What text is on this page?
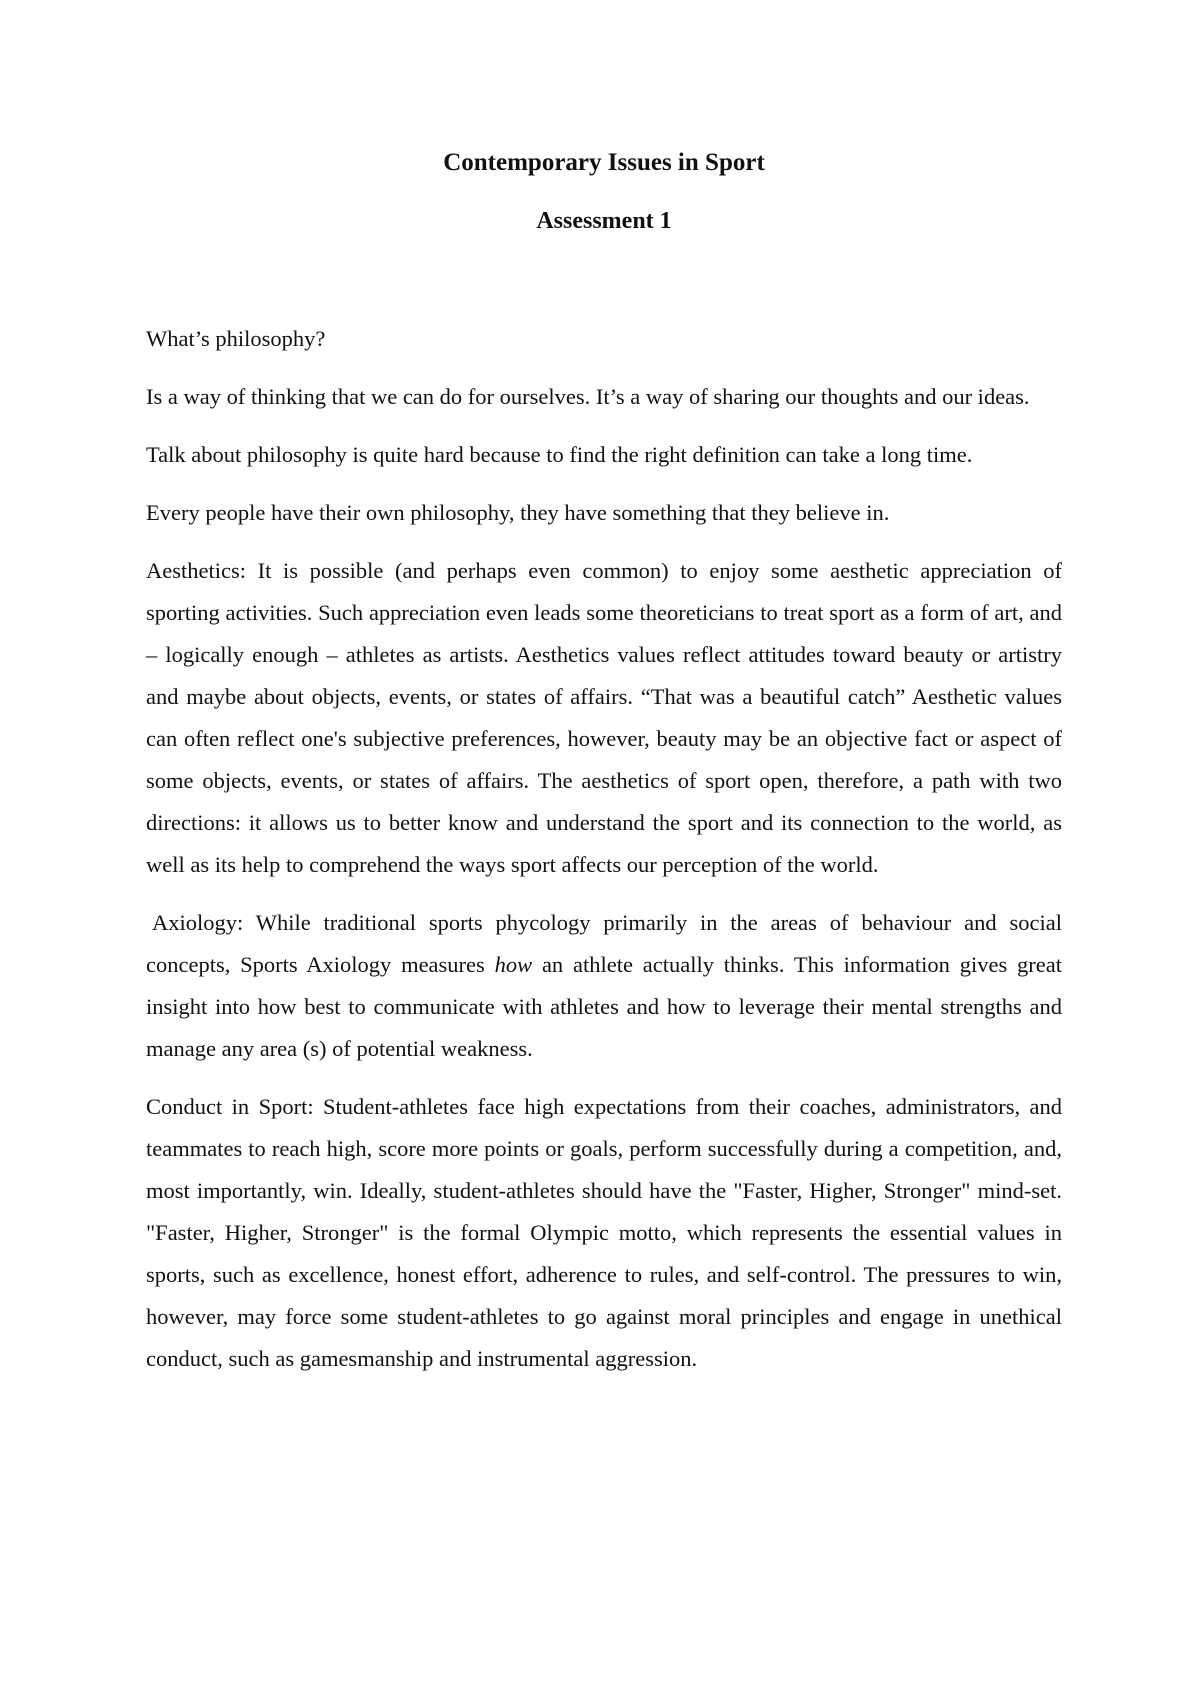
Contemporary Issues in Sport
Assessment 1

What’s philosophy?

Is a way of thinking that we can do for ourselves. It’s a way of sharing our thoughts and our ideas.

Talk about philosophy is quite hard because to find the right definition can take a long time.

Every people have their own philosophy, they have something that they believe in.

Aesthetics: It is possible (and perhaps even common) to enjoy some aesthetic appreciation of sporting activities. Such appreciation even leads some theoreticians to treat sport as a form of art, and – logically enough – athletes as artists. Aesthetics values reflect attitudes toward beauty or artistry and maybe about objects, events, or states of affairs. “That was a beautiful catch” Aesthetic values can often reflect one's subjective preferences, however, beauty may be an objective fact or aspect of some objects, events, or states of affairs. The aesthetics of sport open, therefore, a path with two directions: it allows us to better know and understand the sport and its connection to the world, as well as its help to comprehend the ways sport affects our perception of the world.

Axiology: While traditional sports phycology primarily in the areas of behaviour and social concepts, Sports Axiology measures how an athlete actually thinks. This information gives great insight into how best to communicate with athletes and how to leverage their mental strengths and manage any area (s) of potential weakness.

Conduct in Sport: Student-athletes face high expectations from their coaches, administrators, and teammates to reach high, score more points or goals, perform successfully during a competition, and, most importantly, win. Ideally, student-athletes should have the "Faster, Higher, Stronger" mind-set. "Faster, Higher, Stronger" is the formal Olympic motto, which represents the essential values in sports, such as excellence, honest effort, adherence to rules, and self-control. The pressures to win, however, may force some student-athletes to go against moral principles and engage in unethical conduct, such as gamesmanship and instrumental aggression.
